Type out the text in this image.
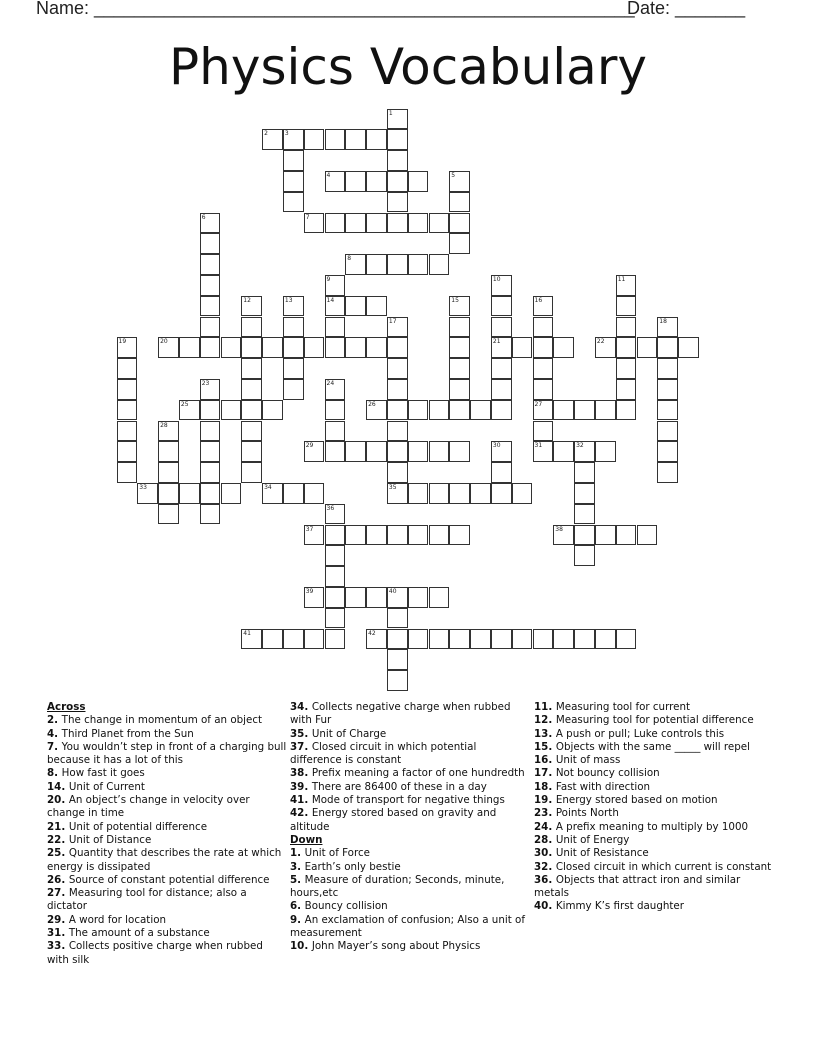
Name: ______________________________________________________
Date: _______
Physics Vocabulary
1
2	3
4	5
6	7
8
9
14
10
21
11
12	13	15	16
27
31
17
35
18
19	20	22
23	24
25	26
28
29	30	32
33	34
36
37	38
39	40
41	42
Across
2. The change in momentum of an object
4. Third Planet from the Sun
7. You wouldn’t step in front of a charging bull because it has a lot of this
8. How fast it goes
14. Unit of Current
20. An object’s change in velocity over change in time
21. Unit of potential difference
22. Unit of Distance
25. Quantity that describes the rate at which energy is dissipated
26. Source of constant potential difference
27. Measuring tool for distance; also a dictator
29. A word for location
31. The amount of a substance
33. Collects positive charge when rubbed with silk
34. Collects negative charge when rubbed with Fur
35. Unit of Charge
37. Closed circuit in which potential difference is constant
38. Prefix meaning a factor of one hundredth
39. There are 86400 of these in a day
41. Mode of transport for negative things
42. Energy stored based on gravity and altitude
Down
1. Unit of Force
3. Earth’s only bestie
5. Measure of duration; Seconds, minute, hours,etc
6. Bouncy collision
9. An exclamation of confusion; Also a unit of measurement
10. John Mayer’s song about Physics
11. Measuring tool for current
12. Measuring tool for potential difference
13. A push or pull; Luke controls this
15. Objects with the same _____ will repel
16. Unit of mass
17. Not bouncy collision
18. Fast with direction
19. Energy stored based on motion
23. Points North
24. A prefix meaning to multiply by 1000
28. Unit of Energy
30. Unit of Resistance
32. Closed circuit in which current is constant
36. Objects that attract iron and similar metals
40. Kimmy K’s first daughter
